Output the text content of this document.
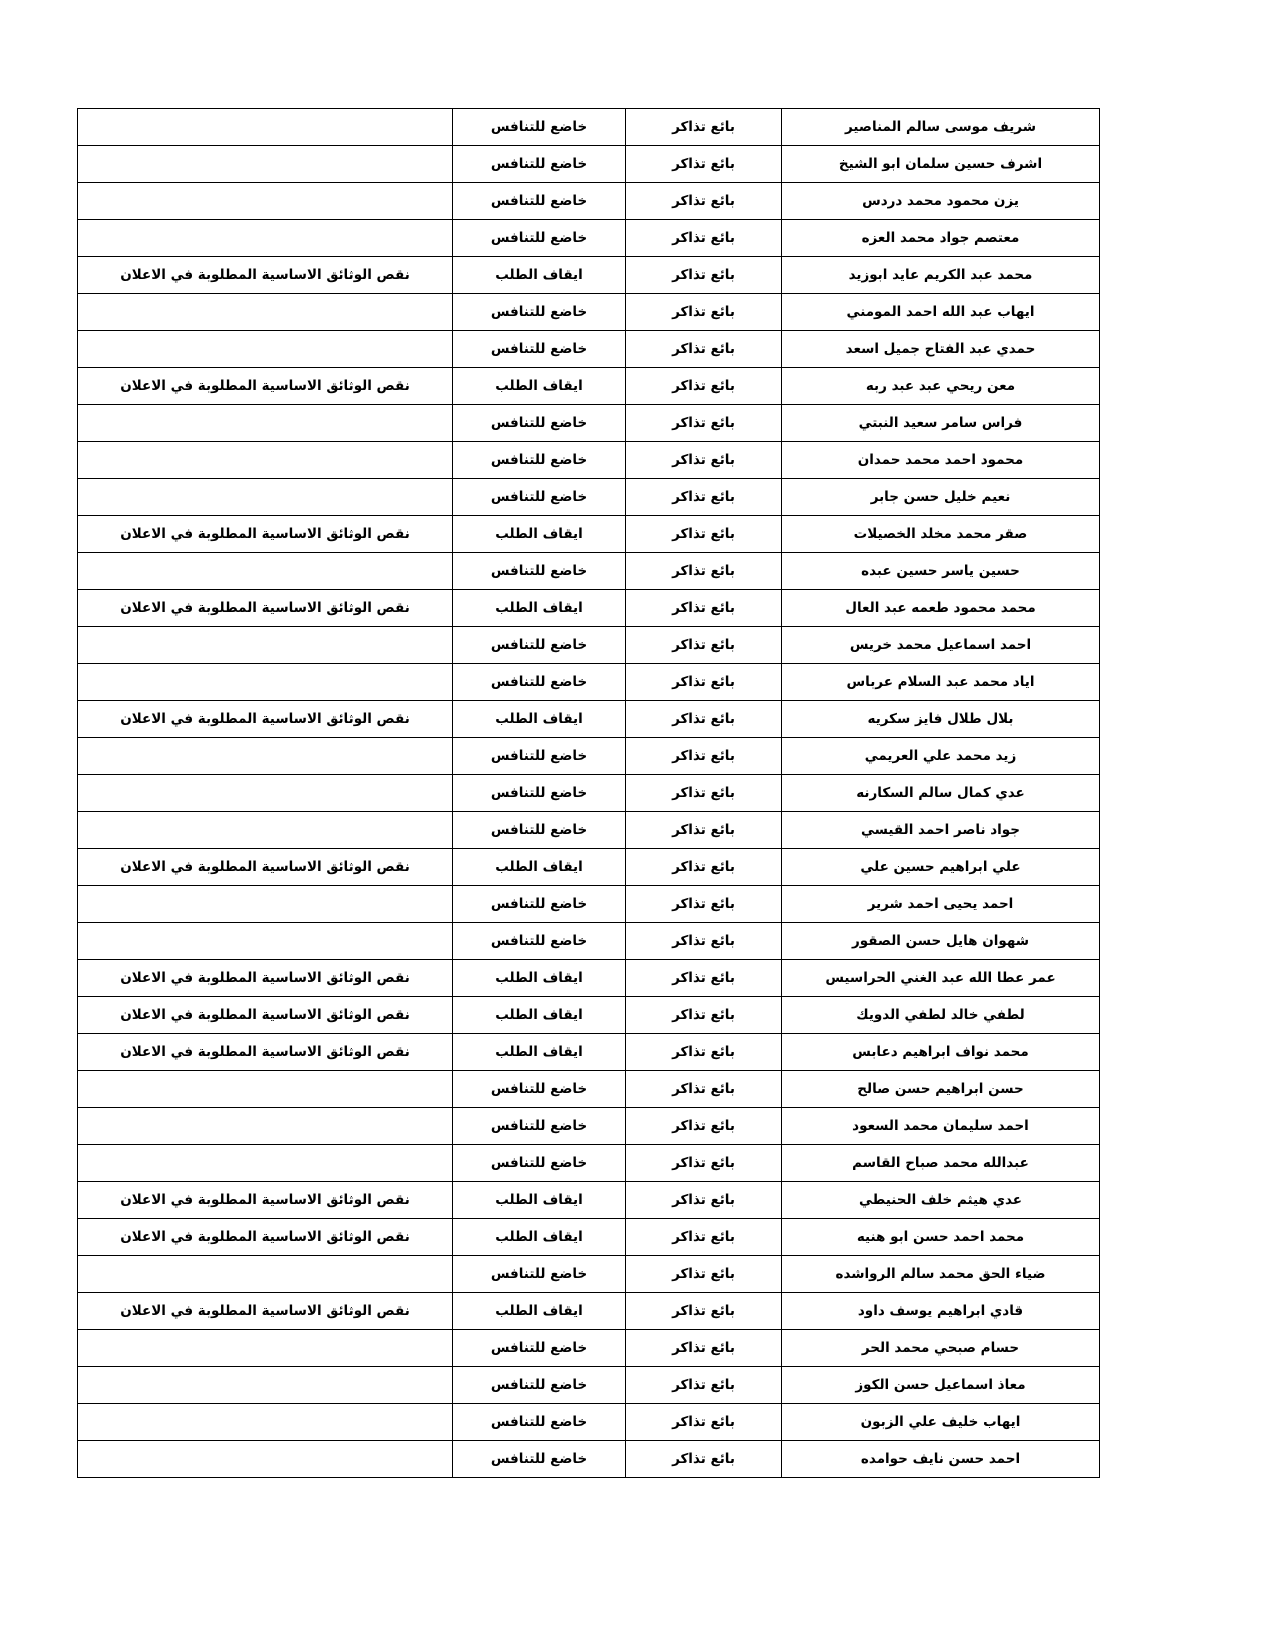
شريف موسى سالم المناصير	بائع تذاكر	خاضع للتنافس	
اشرف حسين سلمان ابو الشيخ	بائع تذاكر	خاضع للتنافس	
يزن محمود محمد دردس	بائع تذاكر	خاضع للتنافس	
معتصم جواد محمد العزه	بائع تذاكر	خاضع للتنافس	
محمد عبد الكريم عايد ابوزيد	بائع تذاكر	ايقاف الطلب	نقص الوثائق الاساسية المطلوبة في الاعلان
ايهاب عبد الله احمد المومني	بائع تذاكر	خاضع للتنافس	
حمدي عبد الفتاح جميل اسعد	بائع تذاكر	خاضع للتنافس	
معن ريحي عبد عبد ربه	بائع تذاكر	ايقاف الطلب	نقص الوثائق الاساسية المطلوبة في الاعلان
فراس سامر سعيد النبتي	بائع تذاكر	خاضع للتنافس	
محمود احمد محمد حمدان	بائع تذاكر	خاضع للتنافس	
نعيم خليل حسن جابر	بائع تذاكر	خاضع للتنافس	
صقر محمد مخلد الخصيلات	بائع تذاكر	ايقاف الطلب	نقص الوثائق الاساسية المطلوبة في الاعلان
حسين ياسر حسين عبده	بائع تذاكر	خاضع للتنافس	
محمد محمود طعمه عبد العال	بائع تذاكر	ايقاف الطلب	نقص الوثائق الاساسية المطلوبة في الاعلان
احمد اسماعيل محمد خريس	بائع تذاكر	خاضع للتنافس	
اياد محمد عبد السلام عرباس	بائع تذاكر	خاضع للتنافس	
بلال طلال فايز سكريه	بائع تذاكر	ايقاف الطلب	نقص الوثائق الاساسية المطلوبة في الاعلان
زيد محمد علي العريمي	بائع تذاكر	خاضع للتنافس	
عدي كمال سالم السكارنه	بائع تذاكر	خاضع للتنافس	
جواد ناصر احمد القيسي	بائع تذاكر	خاضع للتنافس	
علي ابراهيم حسين علي	بائع تذاكر	ايقاف الطلب	نقص الوثائق الاساسية المطلوبة في الاعلان
احمد يحيى احمد شرير	بائع تذاكر	خاضع للتنافس	
شهوان هايل حسن الصقور	بائع تذاكر	خاضع للتنافس	
عمر عطا الله عبد الغني الحراسيس	بائع تذاكر	ايقاف الطلب	نقص الوثائق الاساسية المطلوبة في الاعلان
لطفي خالد لطفي الدويك	بائع تذاكر	ايقاف الطلب	نقص الوثائق الاساسية المطلوبة في الاعلان
محمد نواف ابراهيم دعابس	بائع تذاكر	ايقاف الطلب	نقص الوثائق الاساسية المطلوبة في الاعلان
حسن ابراهيم حسن صالح	بائع تذاكر	خاضع للتنافس	
احمد سليمان محمد السعود	بائع تذاكر	خاضع للتنافس	
عبدالله محمد صباح القاسم	بائع تذاكر	خاضع للتنافس	
عدي هيثم خلف الحنيطي	بائع تذاكر	ايقاف الطلب	نقص الوثائق الاساسية المطلوبة في الاعلان
محمد احمد حسن ابو هنيه	بائع تذاكر	ايقاف الطلب	نقص الوثائق الاساسية المطلوبة في الاعلان
ضياء الحق محمد سالم الرواشده	بائع تذاكر	خاضع للتنافس	
قادي ابراهيم يوسف داود	بائع تذاكر	ايقاف الطلب	نقص الوثائق الاساسية المطلوبة في الاعلان
حسام صبحي محمد الحر	بائع تذاكر	خاضع للتنافس	
معاذ اسماعيل حسن الكوز	بائع تذاكر	خاضع للتنافس	
ايهاب خليف علي الزبون	بائع تذاكر	خاضع للتنافس	
احمد حسن نايف حوامده	بائع تذاكر	خاضع للتنافس	
